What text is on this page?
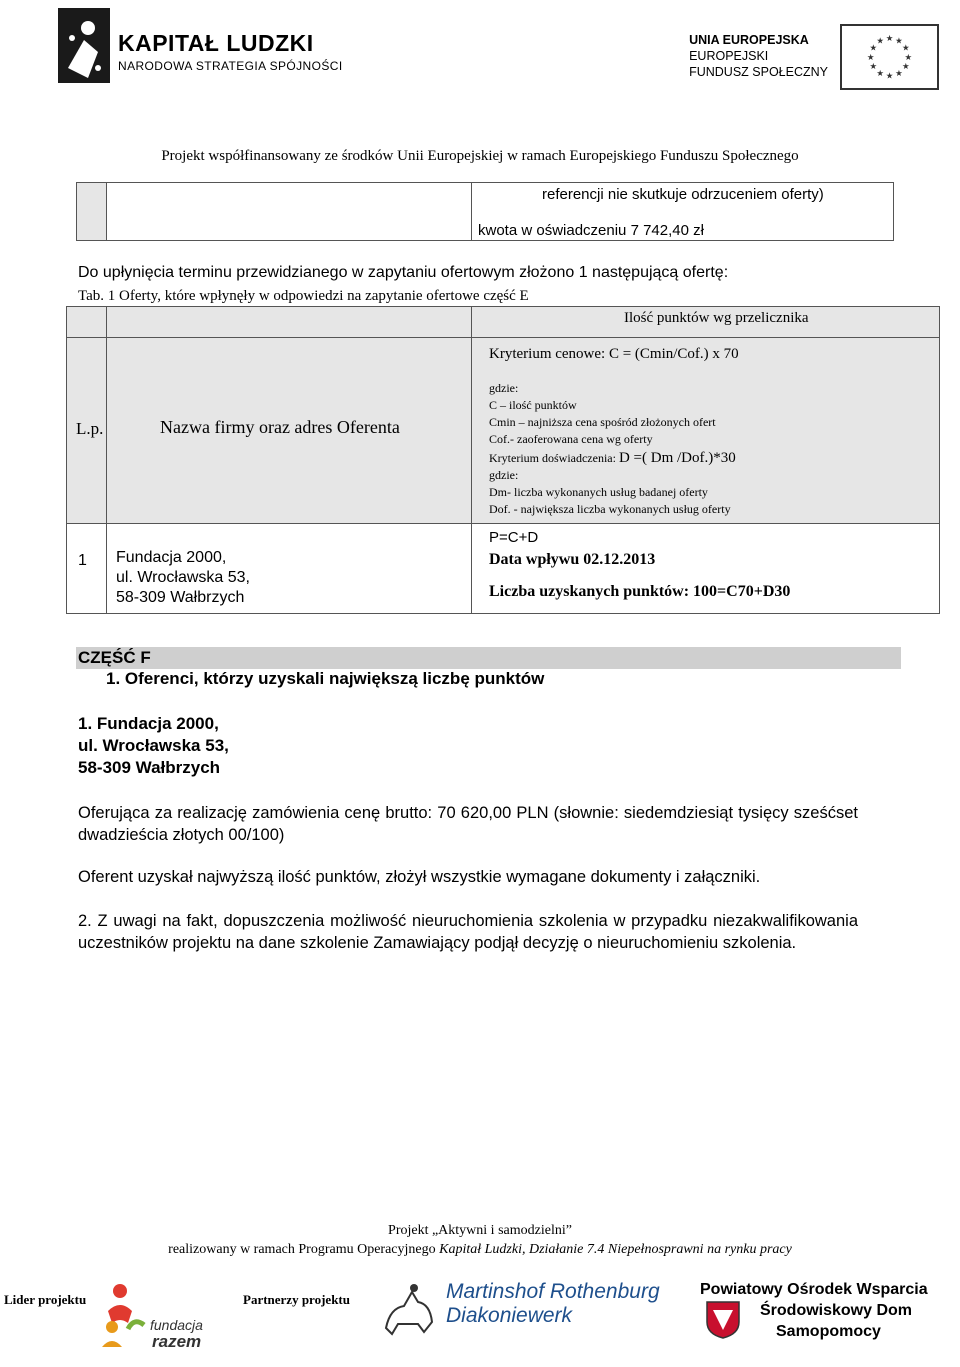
KAPITAŁ LUDZKI
NARODOWA STRATEGIA SPÓJNOŚCI
UNIA EUROPEJSKA
EUROPEJSKI
FUNDUSZ SPOŁECZNY
★ ★
★
★
★
★
★
★
★
★
★
★
Projekt współfinansowany ze środków Unii Europejskiej w ramach Europejskiego Funduszu Społecznego
referencji nie skutkuje odrzuceniem oferty)
kwota w oświadczeniu 7 742,40 zł
Do upłynięcia terminu przewidzianego w zapytaniu ofertowym złożono 1 następującą ofertę:
Tab. 1 Oferty, które wpłynęły w odpowiedzi na zapytanie ofertowe część E
Ilość punktów wg przelicznika
L.p.	Nazwa firmy oraz adres Oferenta
Kryterium cenowe: C = (Cmin/Cof.) x 70
gdzie:
C – ilość punktów
Cmin – najniższa cena spośród złożonych ofert
Cof.- zaoferowana cena wg oferty
Kryterium doświadczenia: D =( Dm /Dof.)*30
gdzie:
Dm- liczba wykonanych usług badanej oferty
Dof. - największa liczba wykonanych usług oferty
P=C+D
1 Fundacja 2000,
ul. Wrocławska 53,
58-309 Wałbrzych
Data wpływu 02.12.2013
Liczba uzyskanych punktów: 100=C70+D30
CZĘŚĆ F
1. Oferenci, którzy uzyskali największą liczbę punktów
1. Fundacja 2000,
ul. Wrocławska 53,
58-309 Wałbrzych
Oferująca za realizację zamówienia cenę brutto: 70 620,00 PLN (słownie: siedemdziesiąt tysięcy sześćset dwadzieścia złotych 00/100)
Oferent uzyskał najwyższą ilość punktów, złożył wszystkie wymagane dokumenty i załączniki.
2. Z uwagi na fakt, dopuszczenia możliwość nieuruchomienia szkolenia w przypadku niezakwalifikowania uczestników projektu na dane szkolenie Zamawiający podjął decyzję o nieuruchomieniu szkolenia.
Projekt „Aktywni i samodzielni”
realizowany w ramach Programu Operacyjnego Kapitał Ludzki, Działanie 7.4 Niepełnosprawni na rynku pracy
Lider projektu
fundacja
razem
Partnerzy projektu	Martinshof Rothenburg
Diakoniewerk
Powiatowy Ośrodek Wsparcia
Środowiskowy Dom
Samopomocy
